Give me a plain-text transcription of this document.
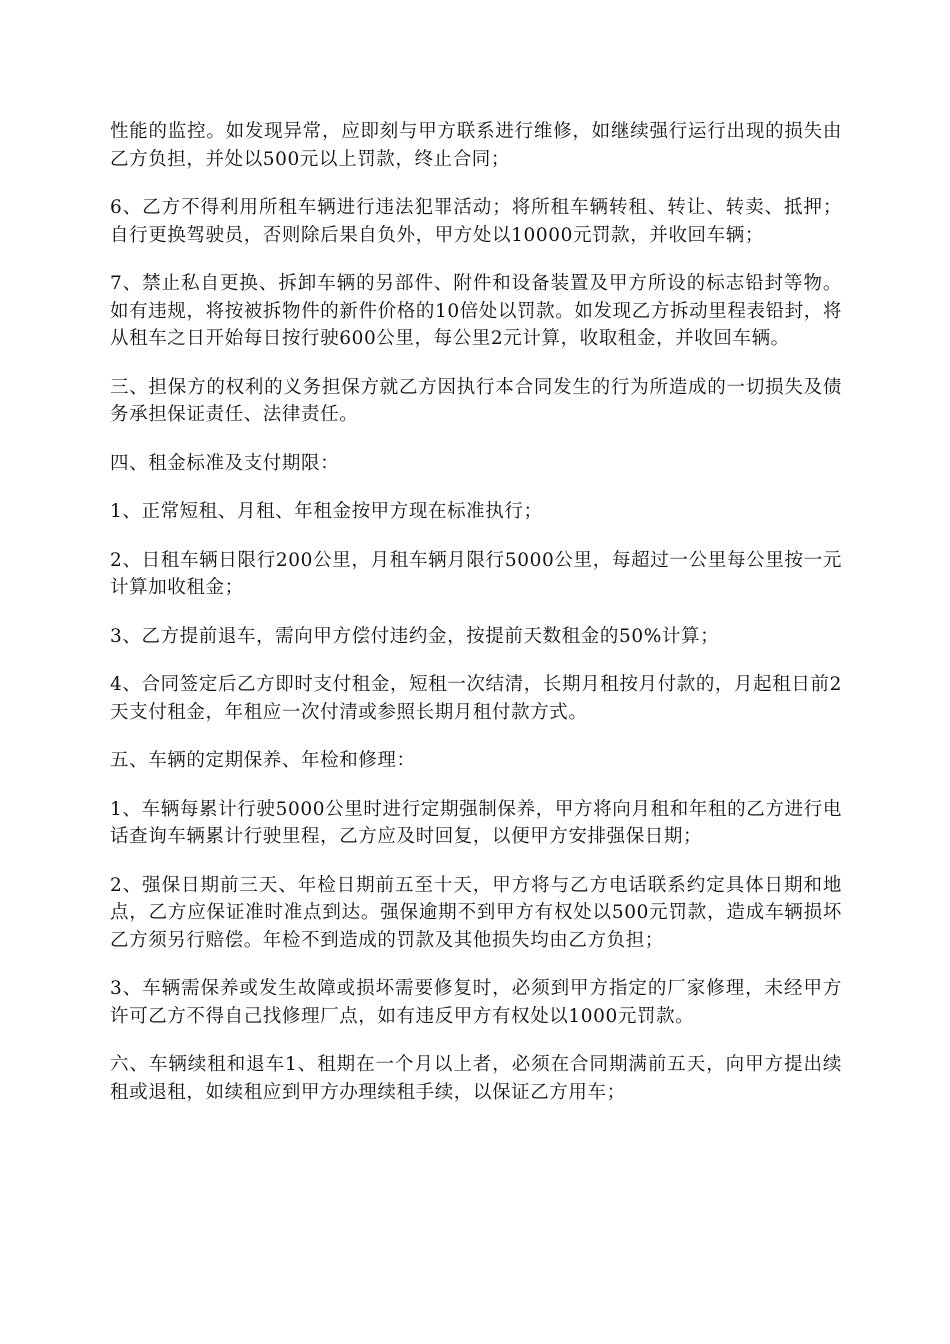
性能的监控。如发现异常，应即刻与甲方联系进行维修，如继续强行运行出现的损失由乙方负担，并处以500元以上罚款，终止合同；

6、乙方不得利用所租车辆进行违法犯罪活动；将所租车辆转租、转让、转卖、抵押；自行更换驾驶员，否则除后果自负外，甲方处以10000元罚款，并收回车辆；

7、禁止私自更换、拆卸车辆的另部件、附件和设备装置及甲方所设的标志铅封等物。如有违规，将按被拆物件的新件价格的10倍处以罚款。如发现乙方拆动里程表铅封，将从租车之日开始每日按行驶600公里，每公里2元计算，收取租金，并收回车辆。

三、担保方的权利的义务担保方就乙方因执行本合同发生的行为所造成的一切损失及债务承担保证责任、法律责任。

四、租金标准及支付期限：

1、正常短租、月租、年租金按甲方现在标准执行；

2、日租车辆日限行200公里，月租车辆月限行5000公里，每超过一公里每公里按一元计算加收租金；

3、乙方提前退车，需向甲方偿付违约金，按提前天数租金的50%计算；

4、合同签定后乙方即时支付租金，短租一次结清，长期月租按月付款的，月起租日前2天支付租金，年租应一次付清或参照长期月租付款方式。

五、车辆的定期保养、年检和修理：

1、车辆每累计行驶5000公里时进行定期强制保养，甲方将向月租和年租的乙方进行电话查询车辆累计行驶里程，乙方应及时回复，以便甲方安排强保日期；

2、强保日期前三天、年检日期前五至十天，甲方将与乙方电话联系约定具体日期和地点，乙方应保证准时准点到达。强保逾期不到甲方有权处以500元罚款，造成车辆损坏乙方须另行赔偿。年检不到造成的罚款及其他损失均由乙方负担；

3、车辆需保养或发生故障或损坏需要修复时，必须到甲方指定的厂家修理，未经甲方许可乙方不得自己找修理厂点，如有违反甲方有权处以1000元罚款。

六、车辆续租和退车1、租期在一个月以上者，必须在合同期满前五天，向甲方提出续租或退租，如续租应到甲方办理续租手续，以保证乙方用车；
